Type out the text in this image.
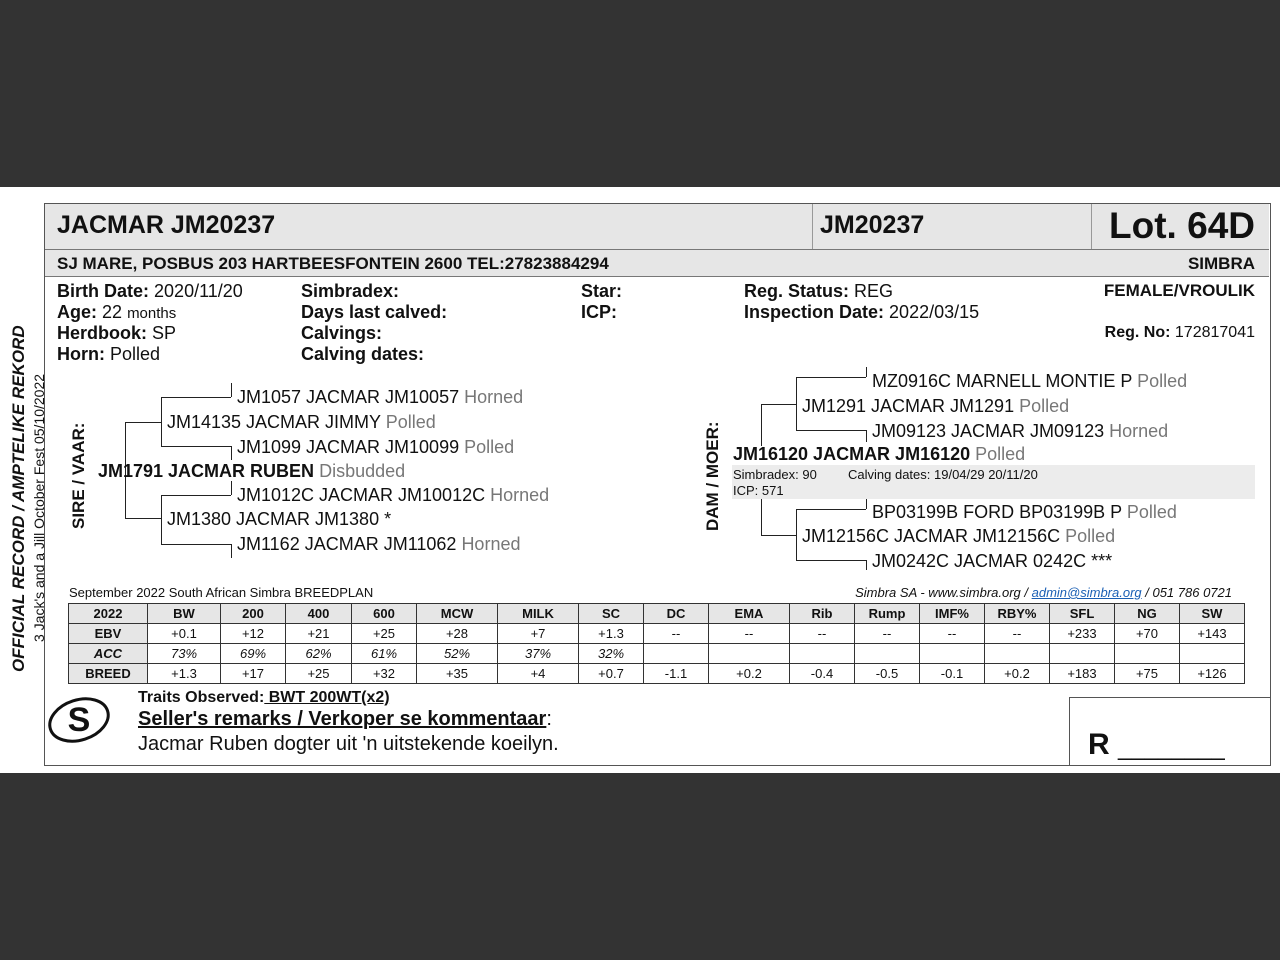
JACMAR JM20237	JM20237	Lot. 64D
SJ MARE, POSBUS 203 HARTBEESFONTEIN 2600 TEL:27823884294	SIMBRA
Birth Date: 2020/11/20
Age: 22 months
Herdbook: SP
Horn: Polled
Simbradex:
Days last calved:
Calvings:
Calving dates:
Star:
ICP:
Reg. Status: REG
Inspection Date: 2022/03/15
FEMALE/VROULIK
Reg. No: 172817041
OFFICIAL RECORD / AMPTELIKE REKORD 3 Jack's and a Jill October Fest 05/10/2022 SIRE / VAAR:	DAM / MOER:
JM1057 JACMAR JM10057 Horned
JM14135 JACMAR JIMMY Polled
JM1099 JACMAR JM10099 Polled
JM1791 JACMAR RUBEN Disbudded
JM1012C JACMAR JM10012C Horned
JM1380 JACMAR JM1380 *
JM1162 JACMAR JM11062 Horned
MZ0916C MARNELL MONTIE P Polled
JM1291 JACMAR JM1291 Polled
JM09123 JACMAR JM09123 Horned
JM16120 JACMAR JM16120 Polled
Simbradex: 90 Calving dates: 19/04/29 20/11/20
ICP: 571
BP03199B FORD BP03199B P Polled
JM12156C JACMAR JM12156C Polled
JM0242C JACMAR 0242C ***
September 2022 South African Simbra BREEDPLAN	Simbra SA - www.simbra.org / admin@simbra.org / 051 786 0721
2022	BW	200	400	600	MCW	MILK	SC	DC	EMA	Rib	Rump	IMF%	RBY%	SFL	NG	SW
EBV	+0.1	+12	+21	+25	+28	+7	+1.3	--	--	--	--	--	--	+233	+70	+143
ACC	73%	69%	62%	61%	52%	37%	32%									
BREED	+1.3	+17	+25	+32	+35	+4	+0.7	-1.1	+0.2	-0.4	-0.5	-0.1	+0.2	+183	+75	+126
S
Traits Observed: BWT 200WT(x2)
Seller's remarks / Verkoper se kommentaar:
Jacmar Ruben dogter uit 'n uitstekende koeilyn.	R ________
